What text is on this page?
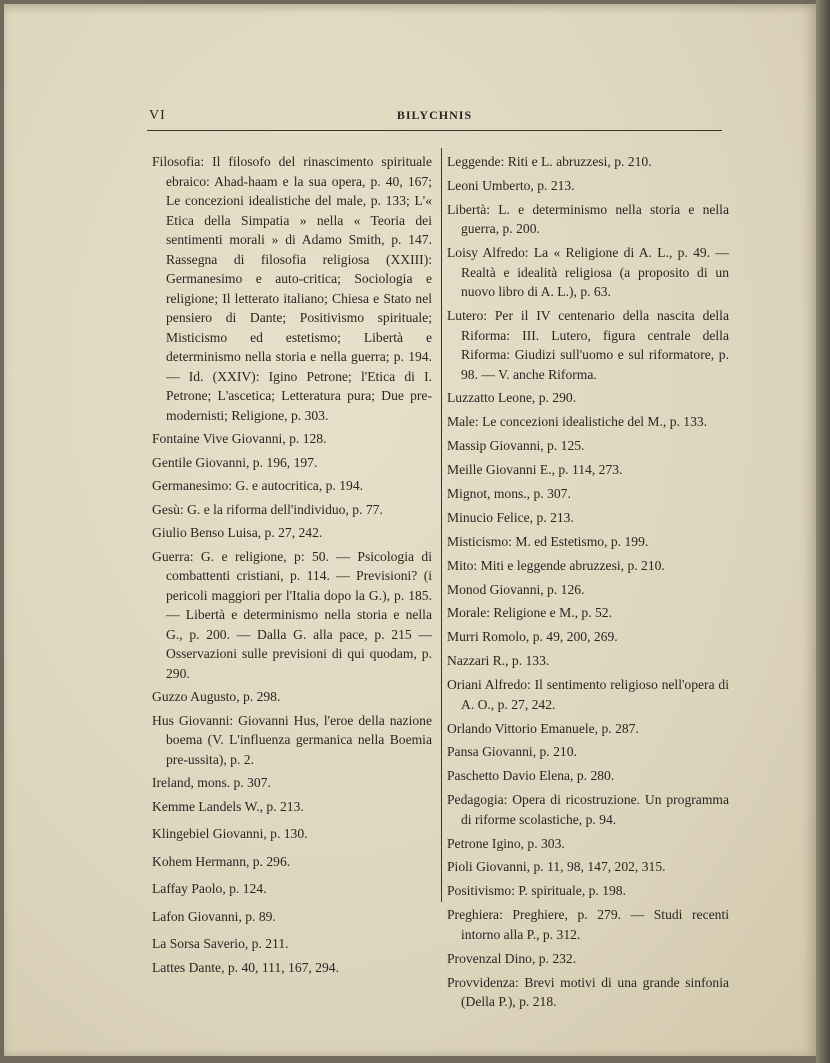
VI	BILYCHNIS
Filosofia: Il filosofo del rinascimento spirituale ebraico: Ahad-haam e la sua opera, p. 40, 167; Le concezioni idealistiche del male, p. 133; L'« Etica della Simpatia » nella « Teoria dei sentimenti morali » di Adamo Smith, p. 147. Rassegna di filosofia religiosa (XXIII): Germanesimo e auto-critica; Sociologia e religione; Il letterato italiano; Chiesa e Stato nel pensiero di Dante; Positivismo spirituale; Misticismo ed estetismo; Libertà e determinismo nella storia e nella guerra; p. 194. — Id. (XXIV): Igino Petrone; l'Etica di I. Petrone; L'ascetica; Letteratura pura; Due pre-modernisti; Religione, p. 303.
Fontaine Vive Giovanni, p. 128.
Gentile Giovanni, p. 196, 197.
Germanesimo: G. e autocritica, p. 194.
Gesù: G. e la riforma dell'individuo, p. 77.
Giulio Benso Luisa, p. 27, 242.
Guerra: G. e religione, p: 50. — Psicologia di combattenti cristiani, p. 114. — Previsioni? (i pericoli maggiori per l'Italia dopo la G.), p. 185. — Libertà e determinismo nella storia e nella G., p. 200. — Dalla G. alla pace, p. 215 — Osservazioni sulle previsioni di qui quodam, p. 290.
Guzzo Augusto, p. 298.
Hus Giovanni: Giovanni Hus, l'eroe della nazione boema (V. L'influenza germanica nella Boemia pre-ussita), p. 2.
Ireland, mons. p. 307.
Kemme Landels W., p. 213.
Klingebiel Giovanni, p. 130.
Kohem Hermann, p. 296.
Laffay Paolo, p. 124.
Lafon Giovanni, p. 89.
La Sorsa Saverio, p. 211.
Lattes Dante, p. 40, 111, 167, 294.
Leggende: Riti e L. abruzzesi, p. 210.
Leoni Umberto, p. 213.
Libertà: L. e determinismo nella storia e nella guerra, p. 200.
Loisy Alfredo: La « Religione di A. L., p. 49. — Realtà e idealità religiosa (a proposito di un nuovo libro di A. L.), p. 63.
Lutero: Per il IV centenario della nascita della Riforma: III. Lutero, figura centrale della Riforma: Giudizi sull'uomo e sul riformatore, p. 98. — V. anche Riforma.
Luzzatto Leone, p. 290.
Male: Le concezioni idealistiche del M., p. 133.
Massip Giovanni, p. 125.
Meille Giovanni E., p. 114, 273.
Mignot, mons., p. 307.
Minucio Felice, p. 213.
Misticismo: M. ed Estetismo, p. 199.
Mito: Miti e leggende abruzzesi, p. 210.
Monod Giovanni, p. 126.
Morale: Religione e M., p. 52.
Murri Romolo, p. 49, 200, 269.
Nazzari R., p. 133.
Oriani Alfredo: Il sentimento religioso nell'opera di A. O., p. 27, 242.
Orlando Vittorio Emanuele, p. 287.
Pansa Giovanni, p. 210.
Paschetto Davio Elena, p. 280.
Pedagogia: Opera di ricostruzione. Un programma di riforme scolastiche, p. 94.
Petrone Igino, p. 303.
Pioli Giovanni, p. 11, 98, 147, 202, 315.
Positivismo: P. spirituale, p. 198.
Preghiera: Preghiere, p. 279. — Studi recenti intorno alla P., p. 312.
Provenzal Dino, p. 232.
Provvidenza: Brevi motivi di una grande sinfonia (Della P.), p. 218.
